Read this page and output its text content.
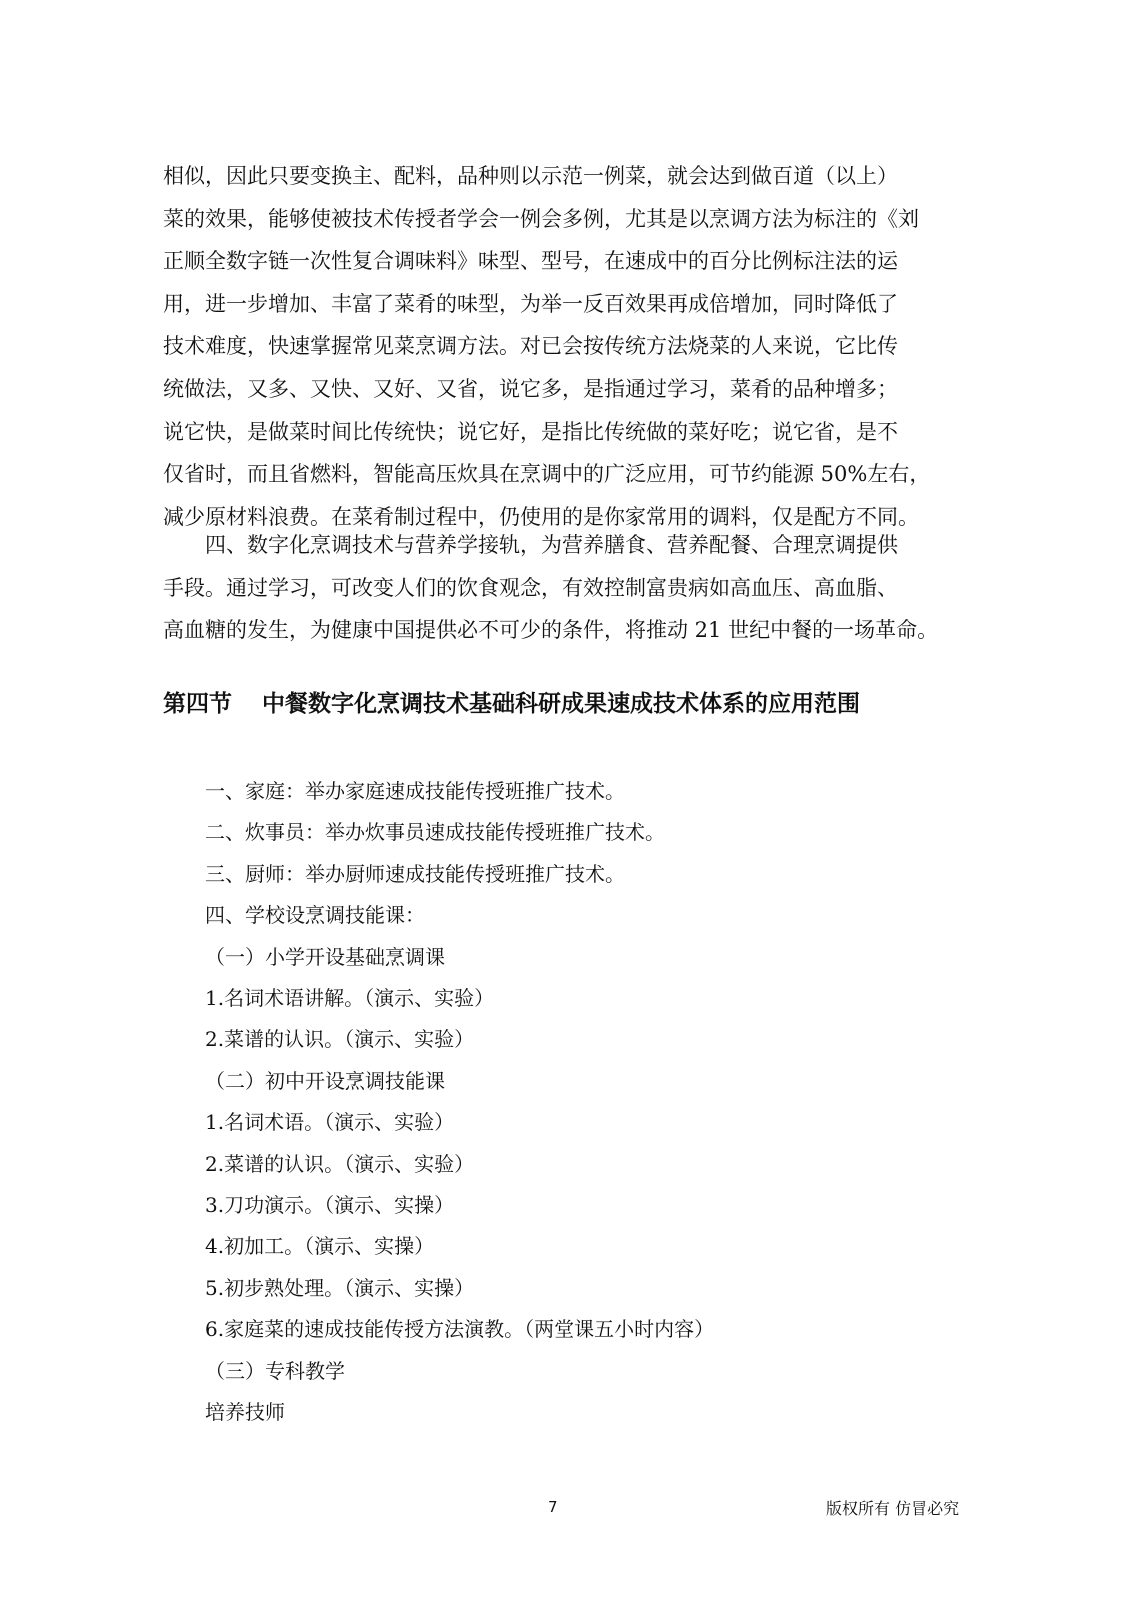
相似，因此只要变换主、配料，品种则以示范一例菜，就会达到做百道（以上）
菜的效果，能够使被技术传授者学会一例会多例，尤其是以烹调方法为标注的《刘
正顺全数字链一次性复合调味料》味型、型号，在速成中的百分比例标注法的运
用，进一步增加、丰富了菜肴的味型，为举一反百效果再成倍增加，同时降低了
技术难度，快速掌握常见菜烹调方法。对已会按传统方法烧菜的人来说，它比传
统做法，又多、又快、又好、又省，说它多，是指通过学习，菜肴的品种增多；
说它快，是做菜时间比传统快；说它好，是指比传统做的菜好吃；说它省，是不
仅省时，而且省燃料，智能高压炊具在烹调中的广泛应用，可节约能源 50%左右，
减少原材料浪费。在菜肴制过程中，仍使用的是你家常用的调料，仅是配方不同。
　　四、数字化烹调技术与营养学接轨，为营养膳食、营养配餐、合理烹调提供
手段。通过学习，可改变人们的饮食观念，有效控制富贵病如高血压、高血脂、
高血糖的发生，为健康中国提供必不可少的条件，将推动 21 世纪中餐的一场革命。
第四节 中餐数字化烹调技术基础科研成果速成技术体系的应用范围
一、家庭：举办家庭速成技能传授班推广技术。
二、炊事员：举办炊事员速成技能传授班推广技术。
三、厨师：举办厨师速成技能传授班推广技术。
四、学校设烹调技能课：
（一）小学开设基础烹调课
1.名词术语讲解。（演示、实验）
2.菜谱的认识。（演示、实验）
（二）初中开设烹调技能课
1.名词术语。（演示、实验）
2.菜谱的认识。（演示、实验）
3.刀功演示。（演示、实操）
4.初加工。（演示、实操）
5.初步熟处理。（演示、实操）
6.家庭菜的速成技能传授方法演教。（两堂课五小时内容）
（三）专科教学
培养技师
7	版权所有 仿冒必究
